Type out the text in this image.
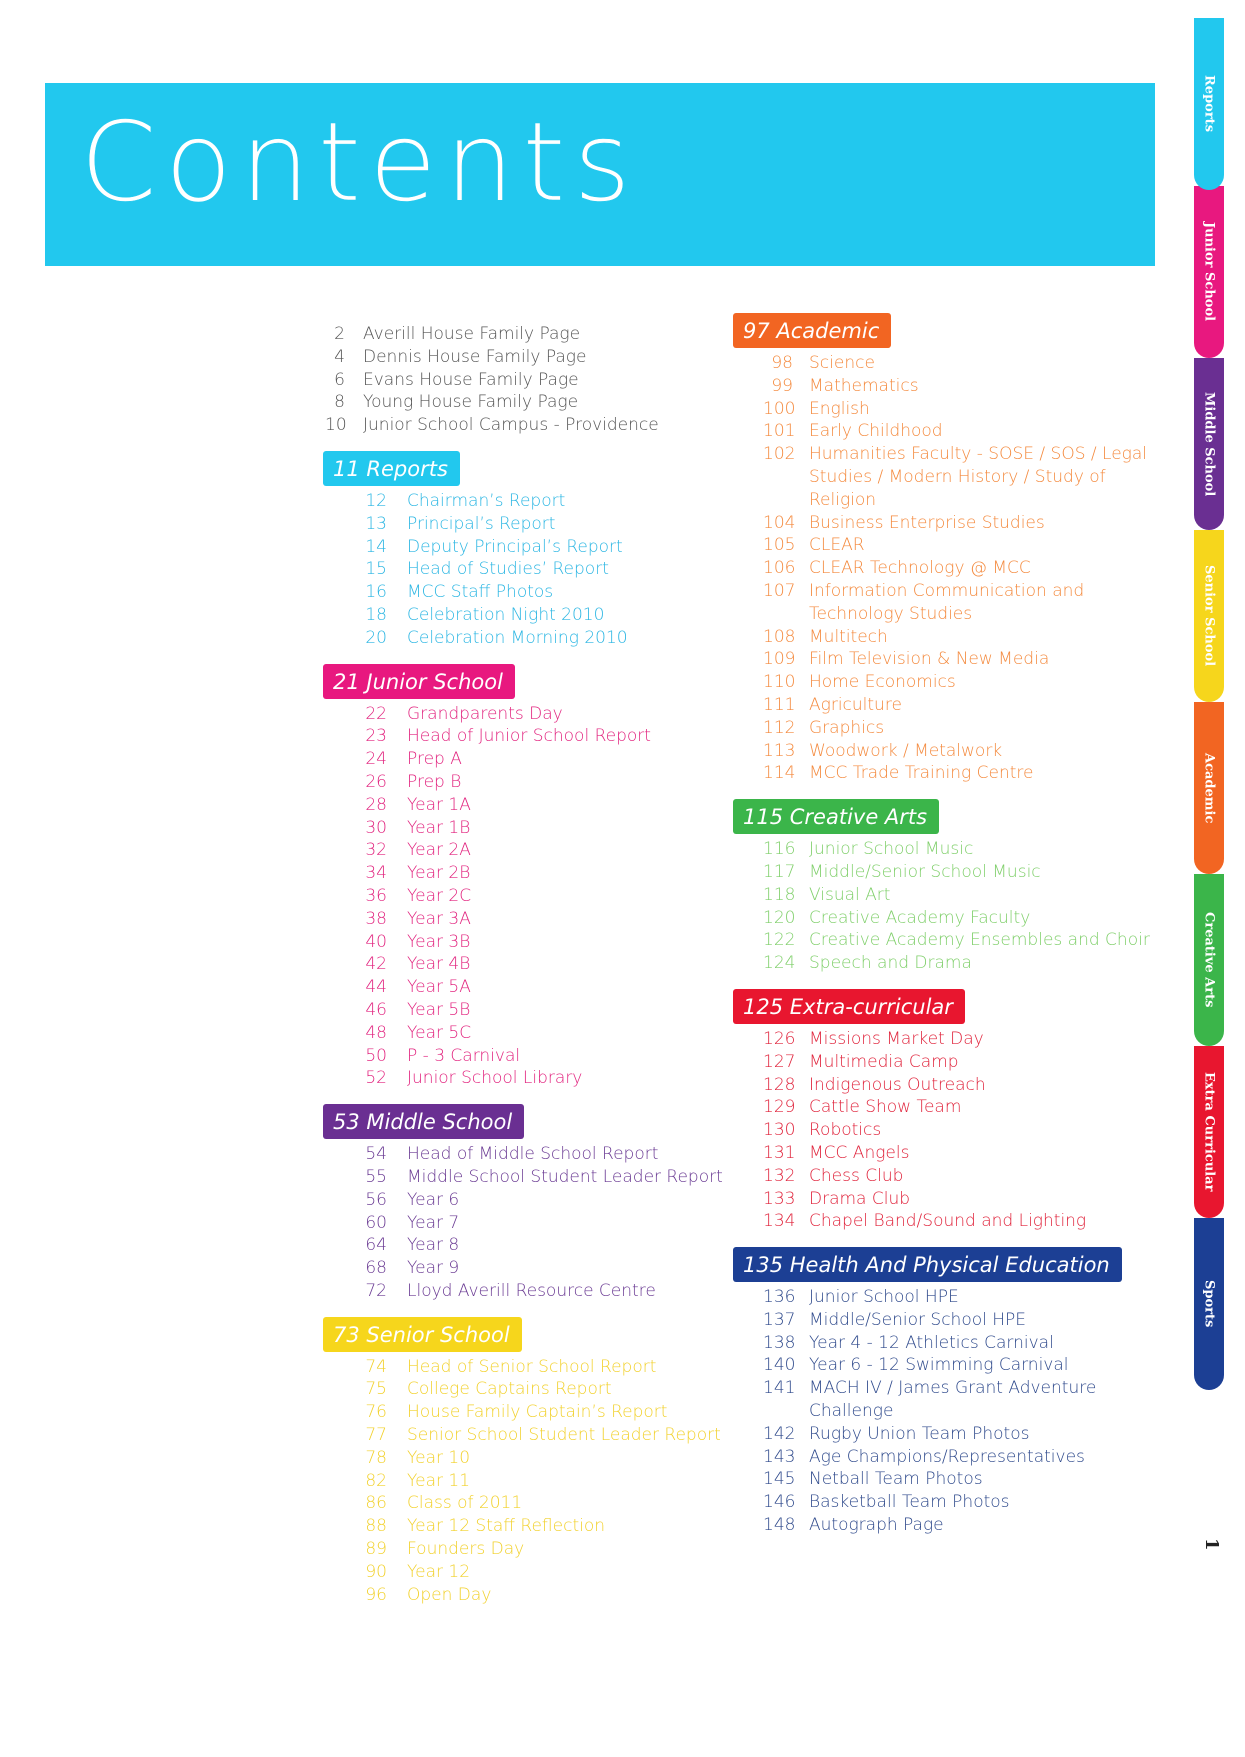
Contents
2 Averill House Family Page
4 Dennis House Family Page
6 Evans House Family Page
8 Young House Family Page
10 Junior School Campus - Providence
11 Reports
12 Chairman’s Report
13 Principal’s Report
14 Deputy Principal’s Report
15 Head of Studies’ Report
16 MCC Staff Photos
18 Celebration Night 2010
20 Celebration Morning 2010
21 Junior School
22 Grandparents Day
23 Head of Junior School Report
24 Prep A
26 Prep B
28 Year 1A
30 Year 1B
32 Year 2A
34 Year 2B
36 Year 2C
38 Year 3A
40 Year 3B
42 Year 4B
44 Year 5A
46 Year 5B
48 Year 5C
50 P - 3 Carnival
52 Junior School Library
53 Middle School
54 Head of Middle School Report
55 Middle School Student Leader Report
56 Year 6
60 Year 7
64 Year 8
68 Year 9
72 Lloyd Averill Resource Centre
73 Senior School
74 Head of Senior School Report
75 College Captains Report
76 House Family Captain’s Report
77 Senior School Student Leader Report
78 Year 10
82 Year 11
86 Class of 2011
88 Year 12 Staff Reflection
89 Founders Day
90 Year 12
96 Open Day
97 Academic
98 Science
99 Mathematics
100 English
101 Early Childhood
102 Humanities Faculty - SOSE / SOS / Legal Studies / Modern History / Study of Religion
104 Business Enterprise Studies
105 CLEAR
106 CLEAR Technology @ MCC
107 Information Communication and Technology Studies
108 Multitech
109 Film Television & New Media
110 Home Economics
111 Agriculture
112 Graphics
113 Woodwork / Metalwork
114 MCC Trade Training Centre
115 Creative Arts
116 Junior School Music
117 Middle/Senior School Music
118 Visual Art
120 Creative Academy Faculty
122 Creative Academy Ensembles and Choir
124 Speech and Drama
125 Extra-curricular
126 Missions Market Day
127 Multimedia Camp
128 Indigenous Outreach
129 Cattle Show Team
130 Robotics
131 MCC Angels
132 Chess Club
133 Drama Club
134 Chapel Band/Sound and Lighting
135 Health And Physical Education
136 Junior School HPE
137 Middle/Senior School HPE
138 Year 4 - 12 Athletics Carnival
140 Year 6 - 12 Swimming Carnival
141 MACH IV / James Grant Adventure Challenge
142 Rugby Union Team Photos
143 Age Champions/Representatives
145 Netball Team Photos
146 Basketball Team Photos
148 Autograph Page
Reports
Junior School
Middle School
Senior School
Academic
Creative Arts
Extra Curricular
Sports
1
